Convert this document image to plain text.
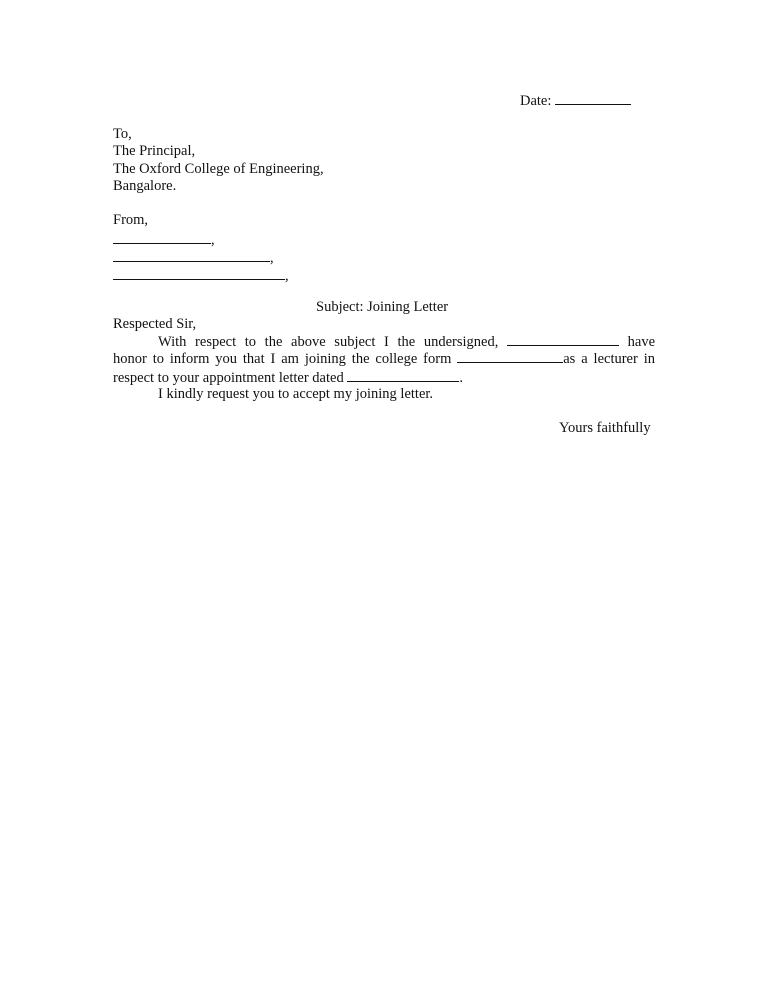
Date:
To,
The Principal,
The Oxford College of Engineering,
Bangalore.
From,
,
,
,
Subject: Joining Letter
Respected Sir,
With respect to the above subject I the undersigned,	have
honor to inform you that I am joining the college form	as a lecturer in
respect to your appointment letter dated	.
I kindly request you to accept my joining letter.
Yours faithfully
